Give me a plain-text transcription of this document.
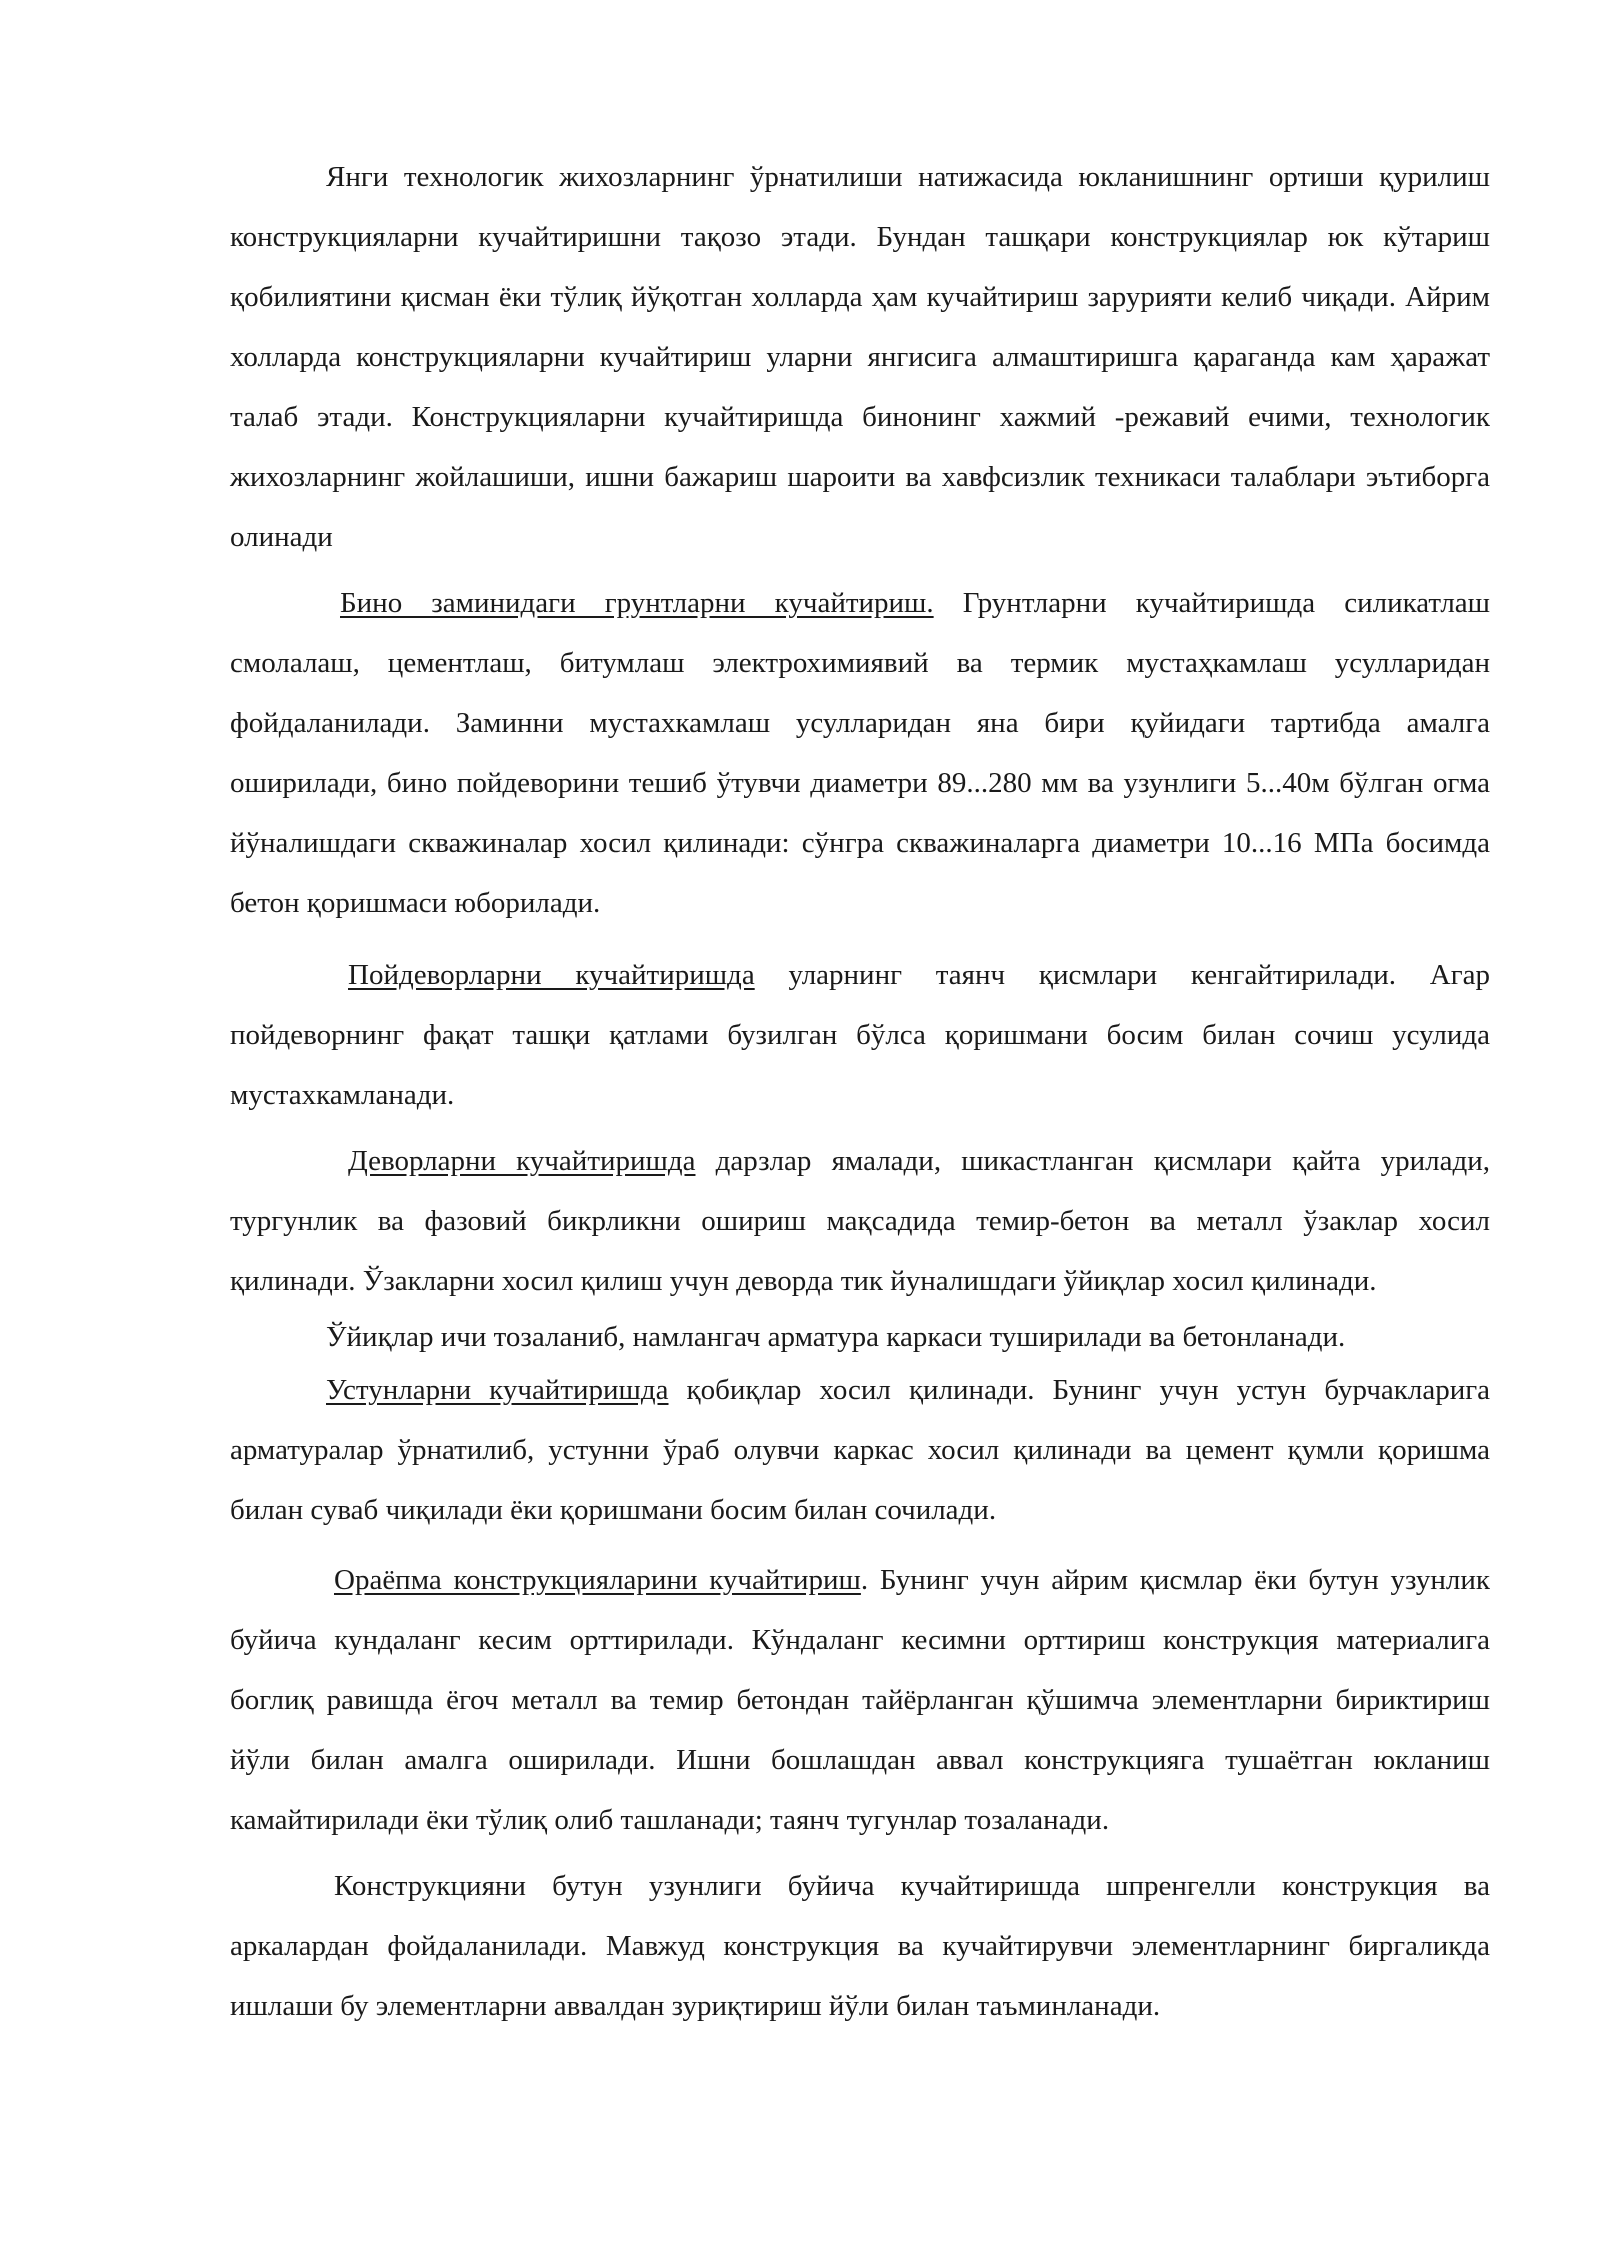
Янги технологик жихозларнинг ўрнатилиши натижасида юкланишнинг ортиши қурилиш конструкцияларни кучайтиришни тақозо этади. Бундан ташқари конструкциялар юк кўтариш қобилиятини қисман ёки тўлиқ йўқотган холларда ҳам кучайтириш зарурияти келиб чиқади. Айрим холларда конструкцияларни кучайтириш уларни янгисига алмаштиришга қараганда кам ҳаражат талаб этади. Конструкцияларни кучайтиришда бинонинг хажмий -режавий ечими, технологик жихозларнинг жойлашиши, ишни бажариш шароити ва хавфсизлик техникаси талаблари эътиборга олинади

Бино заминидаги грунтларни кучайтириш. Грунтларни кучайтиришда силикатлаш смолалаш, цементлаш, битумлаш электрохимиявий ва термик мустаҳкамлаш усулларидан фойдаланилади. Заминни мустахкамлаш усулларидан яна бири қуйидаги тартибда амалга оширилади, бино пойдеворини тешиб ўтувчи диаметри 89...280 мм ва узунлиги 5...40м бўлган огма йўналишдаги скважиналар хосил қилинади: сўнгра скважиналарга диаметри 10...16 МПа босимда бетон қоришмаси юборилади.

Пойдеворларни кучайтиришда уларнинг таянч қисмлари кенгайтирилади. Агар пойдеворнинг фақат ташқи қатлами бузилган бўлса қоришмани босим билан сочиш усулида мустахкамланади.

Деворларни кучайтиришда дарзлар ямалади, шикастланган қисмлари қайта урилади, тургунлик ва фазовий бикрликни ошириш мақсадида темир-бетон ва металл ўзаклар хосил қилинади. Ўзакларни хосил қилиш учун деворда тик йуналишдаги ўйиқлар хосил қилинади.

Ўйиқлар ичи тозаланиб, намлангач арматура каркаси туширилади ва бетонланади.

Устунларни кучайтиришда қобиқлар хосил қилинади. Бунинг учун устун бурчакларига арматуралар ўрнатилиб, устунни ўраб олувчи каркас хосил қилинади ва цемент қумли қоришма билан суваб чиқилади ёки қоришмани босим билан сочилади.

Ораёпма конструкцияларини кучайтириш. Бунинг учун айрим қисмлар ёки бутун узунлик буйича кундаланг кесим орттирилади. Кўндаланг кесимни орттириш конструкция материалига боглиқ равишда ёгоч металл ва темир бетондан тайёрланган қўшимча элементларни бириктириш йўли билан амалга оширилади. Ишни бошлашдан аввал конструкцияга тушаётган юкланиш камайтирилади ёки тўлиқ олиб ташланади; таянч тугунлар тозаланади.

Конструкцияни бутун узунлиги буйича кучайтиришда шпренгелли конструкция ва аркалардан фойдаланилади. Мавжуд конструкция ва кучайтирувчи элементларнинг биргаликда ишлаши бу элементларни аввалдан зуриқтириш йўли билан таъминланади.
